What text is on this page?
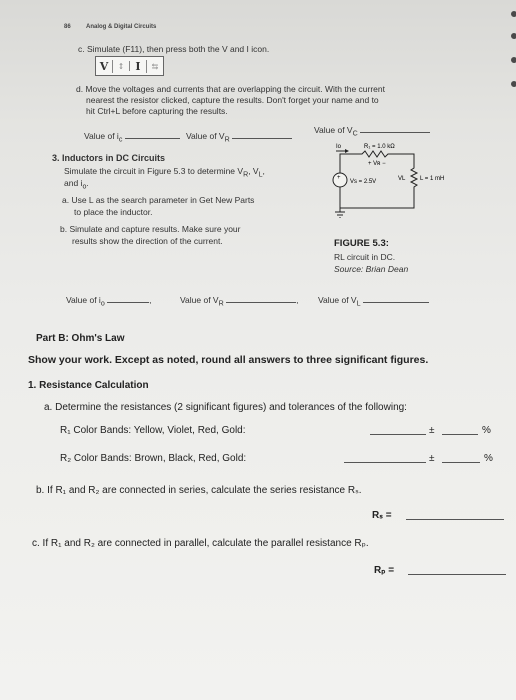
86	Analog & Digital Circuits
c. Simulate (F11), then press both the V and I icon.
V	↕	I	⇆
d. Move the voltages and currents that are overlapping the circuit. With the current
nearest the resistor clicked, capture the results. Don't forget your name and to
hit Ctrl+L before capturing the results.
Value of $i_c$	Value of $V_R$
Value of $V_C$
3. Inductors in DC Circuits
Simulate the circuit in Figure 5.3 to determine $V_R$, $V_L$,
and $i_o$.
a. Use L as the search parameter in Get New Parts
to place the inductor.
b. Simulate and capture results. Make sure your
results show the direction of the current.
Io	R₁ = 1.0 kΩ
+ Vʀ −
+
Vs = 2.5V	VL L = 1 mH
FIGURE 5.3:
RL circuit in DC.
Source: Brian Dean
Value of $i_o$	,	Value of $V_R$	, Value of $V_L$
Part B: Ohm's Law
Show your work. Except as noted, round all answers to three significant figures.
1. Resistance Calculation
a. Determine the resistances (2 significant figures) and tolerances of the following:
R₁ Color Bands: Yellow, Violet, Red, Gold:	±	%
R₂ Color Bands: Brown, Black, Red, Gold:	±	%
b. If R₁ and R₂ are connected in series, calculate the series resistance Rₛ.
Rₛ =
c. If R₁ and R₂ are connected in parallel, calculate the parallel resistance Rₚ.
Rₚ =
